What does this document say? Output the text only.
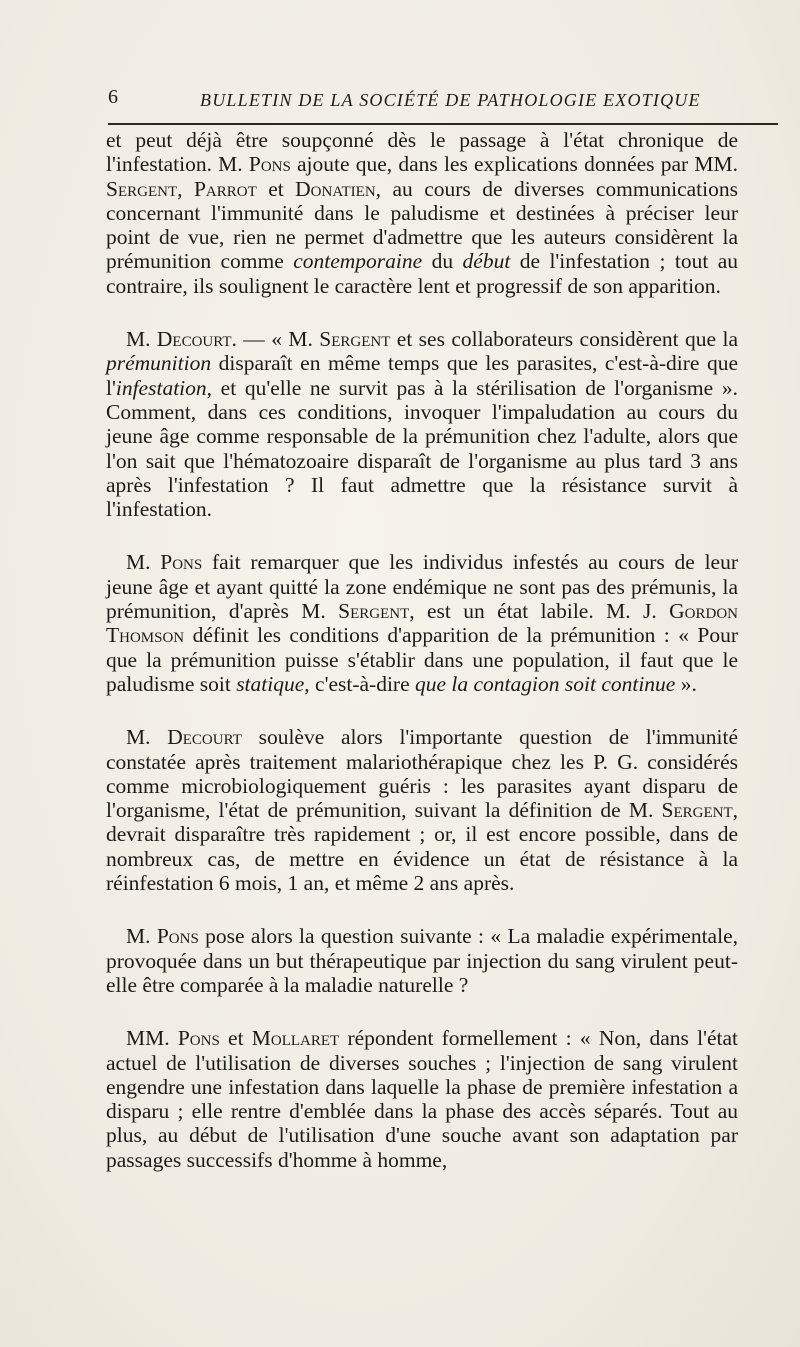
6	BULLETIN DE LA SOCIÉTÉ DE PATHOLOGIE EXOTIQUE

et peut déjà être soupçonné dès le passage à l'état chronique de l'infestation. M. Pons ajoute que, dans les explications données par MM. Sergent, Parrot et Donatien, au cours de diverses communications concernant l'immunité dans le paludisme et destinées à préciser leur point de vue, rien ne permet d'admettre que les auteurs considèrent la prémunition comme contemporaine du début de l'infestation ; tout au contraire, ils soulignent le caractère lent et progressif de son apparition.

M. Decourt. — « M. Sergent et ses collaborateurs considèrent que la prémunition disparaît en même temps que les parasites, c'est-à-dire que l'infestation, et qu'elle ne survit pas à la stérilisation de l'organisme ». Comment, dans ces conditions, invoquer l'impaludation au cours du jeune âge comme responsable de la prémunition chez l'adulte, alors que l'on sait que l'hématozoaire disparaît de l'organisme au plus tard 3 ans après l'infestation ? Il faut admettre que la résistance survit à l'infestation.

M. Pons fait remarquer que les individus infestés au cours de leur jeune âge et ayant quitté la zone endémique ne sont pas des prémunis, la prémunition, d'après M. Sergent, est un état labile. M. J. Gordon Thomson définit les conditions d'apparition de la prémunition : « Pour que la prémunition puisse s'établir dans une population, il faut que le paludisme soit statique, c'est-à-dire que la contagion soit continue ».

M. Decourt soulève alors l'importante question de l'immunité constatée après traitement malariothérapique chez les P. G. considérés comme microbiologiquement guéris : les parasites ayant disparu de l'organisme, l'état de prémunition, suivant la définition de M. Sergent, devrait disparaître très rapidement ; or, il est encore possible, dans de nombreux cas, de mettre en évidence un état de résistance à la réinfestation 6 mois, 1 an, et même 2 ans après.

M. Pons pose alors la question suivante : « La maladie expérimentale, provoquée dans un but thérapeutique par injection du sang virulent peut-elle être comparée à la maladie naturelle ?

MM. Pons et Mollaret répondent formellement : « Non, dans l'état actuel de l'utilisation de diverses souches ; l'injection de sang virulent engendre une infestation dans laquelle la phase de première infestation a disparu ; elle rentre d'emblée dans la phase des accès séparés. Tout au plus, au début de l'utilisation d'une souche avant son adaptation par passages successifs d'homme à homme,
